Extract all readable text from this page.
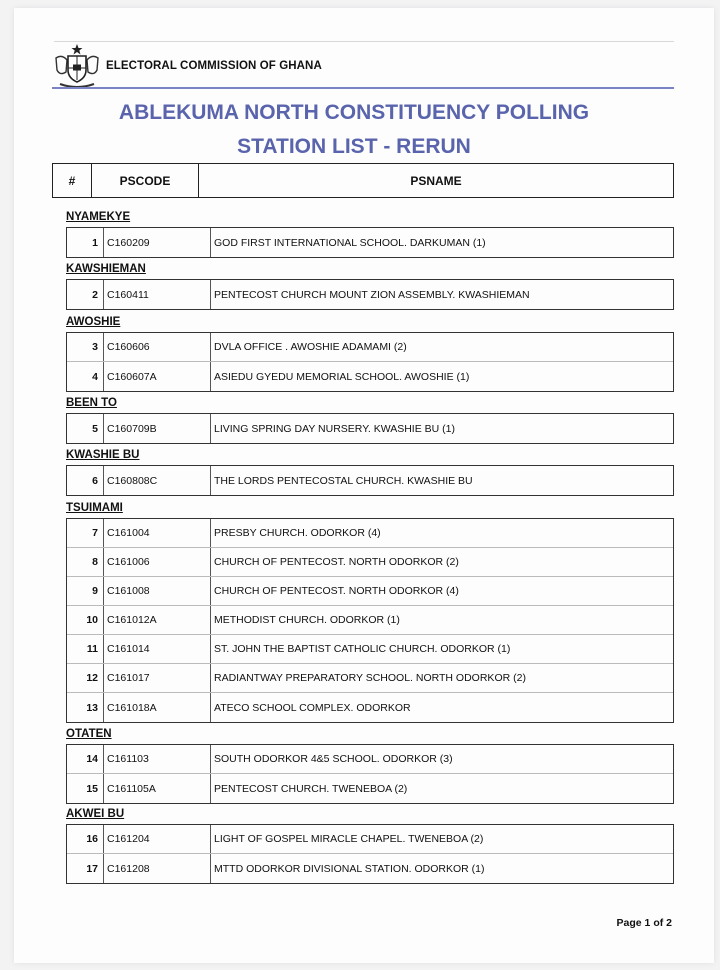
ELECTORAL COMMISSION OF GHANA
ABLEKUMA NORTH CONSTITUENCY POLLING
STATION LIST - RERUN
#	PSCODE	PSNAME
NYAMEKYE
1 C160209	GOD FIRST INTERNATIONAL SCHOOL. DARKUMAN (1)
KAWSHIEMAN
2 C160411	PENTECOST CHURCH MOUNT ZION ASSEMBLY. KWASHIEMAN
AWOSHIE
3 C160606	DVLA OFFICE . AWOSHIE ADAMAMI (2)
4 C160607A	ASIEDU GYEDU MEMORIAL SCHOOL. AWOSHIE (1)
BEEN TO
5 C160709B	LIVING SPRING DAY NURSERY. KWASHIE BU (1)
KWASHIE BU
6 C160808C	THE LORDS PENTECOSTAL CHURCH. KWASHIE BU
TSUIMAMI
7 C161004	PRESBY CHURCH. ODORKOR (4)
8 C161006	CHURCH OF PENTECOST. NORTH ODORKOR (2)
9 C161008	CHURCH OF PENTECOST. NORTH ODORKOR (4)
10 C161012A	METHODIST CHURCH. ODORKOR (1)
11 C161014	ST. JOHN THE BAPTIST CATHOLIC CHURCH. ODORKOR (1)
12 C161017	RADIANTWAY PREPARATORY SCHOOL. NORTH ODORKOR (2)
13 C161018A	ATECO SCHOOL COMPLEX. ODORKOR
OTATEN
14 C161103	SOUTH ODORKOR 4&5 SCHOOL. ODORKOR (3)
15 C161105A	PENTECOST CHURCH. TWENEBOA (2)
AKWEI BU
16 C161204	LIGHT OF GOSPEL MIRACLE CHAPEL. TWENEBOA (2)
17 C161208	MTTD ODORKOR DIVISIONAL STATION. ODORKOR (1)
Page 1 of 2
